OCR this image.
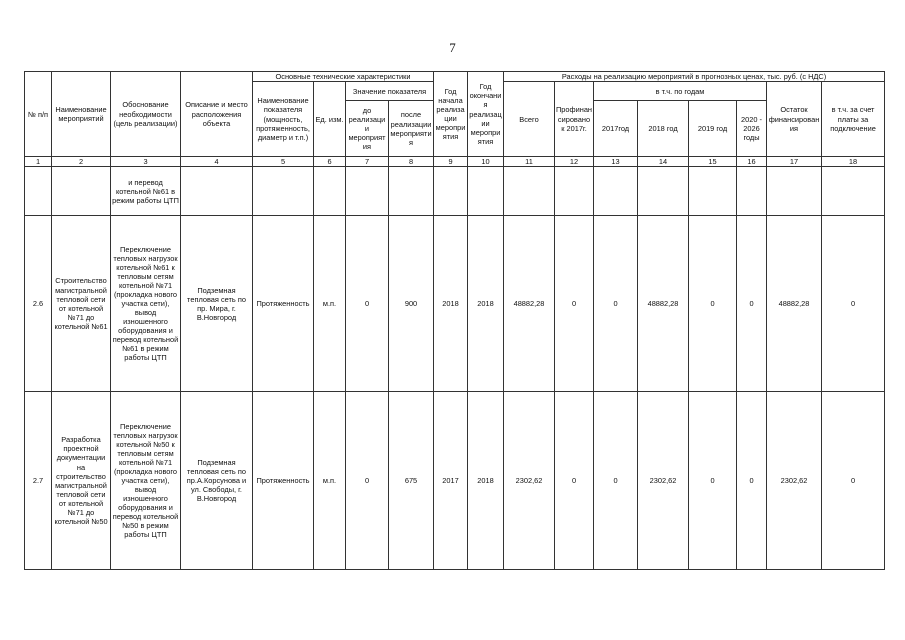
7
№ п/п	Наименование мероприятий	Обоснование необходимости (цель реализации)	Описание и место расположения объекта	Основные технические характеристики				Год начала реализации мероприятия	Год окончания реализации мероприятия	Расходы на реализацию мероприятий в прогнозных ценах, тыс. руб. (с НДС)							
				Наименование показателя (мощность, протяженность, диаметр и т.п.)	Ед. изм.	Значение показателя				Всего	Профинансировано к 2017г.	в т.ч. по годам				Остаток финансирования	в т.ч. за счет платы за подключение
						до реализации мероприятия	после реализации мероприятия					2017год	2018 год	2019 год	2020 - 2026 годы		
1	2	3	4	5	6	7	8	9	10	11	12	13	14	15	16	17	18
		и перевод котельной №61 в режим работы ЦТП															
2.6	Строительство магистральной тепловой сети от котельной №71 до котельной №61	Переключение тепловых нагрузок котельной №61 к тепловым сетям котельной №71 (прокладка нового участка сети), вывод изношенного оборудования и перевод котельной №61 в режим работы ЦТП	Подземная тепловая сеть по пр. Мира, г. В.Новгород	Протяженность	м.п.	0	900	2018	2018	48882,28	0	0	48882,28	0	0	48882,28	0
2.7	Разработка проектной документации на строительство магистральной тепловой сети от котельной №71 до котельной №50	Переключение тепловых нагрузок котельной №50 к тепловым сетям котельной №71 (прокладка нового участка сети), вывод изношенного оборудования и перевод котельной №50 в режим работы ЦТП	Подземная тепловая сеть по пр.А.Корсунова и ул. Свободы, г. В.Новгород	Протяженность	м.п.	0	675	2017	2018	2302,62	0	0	2302,62	0	0	2302,62	0
